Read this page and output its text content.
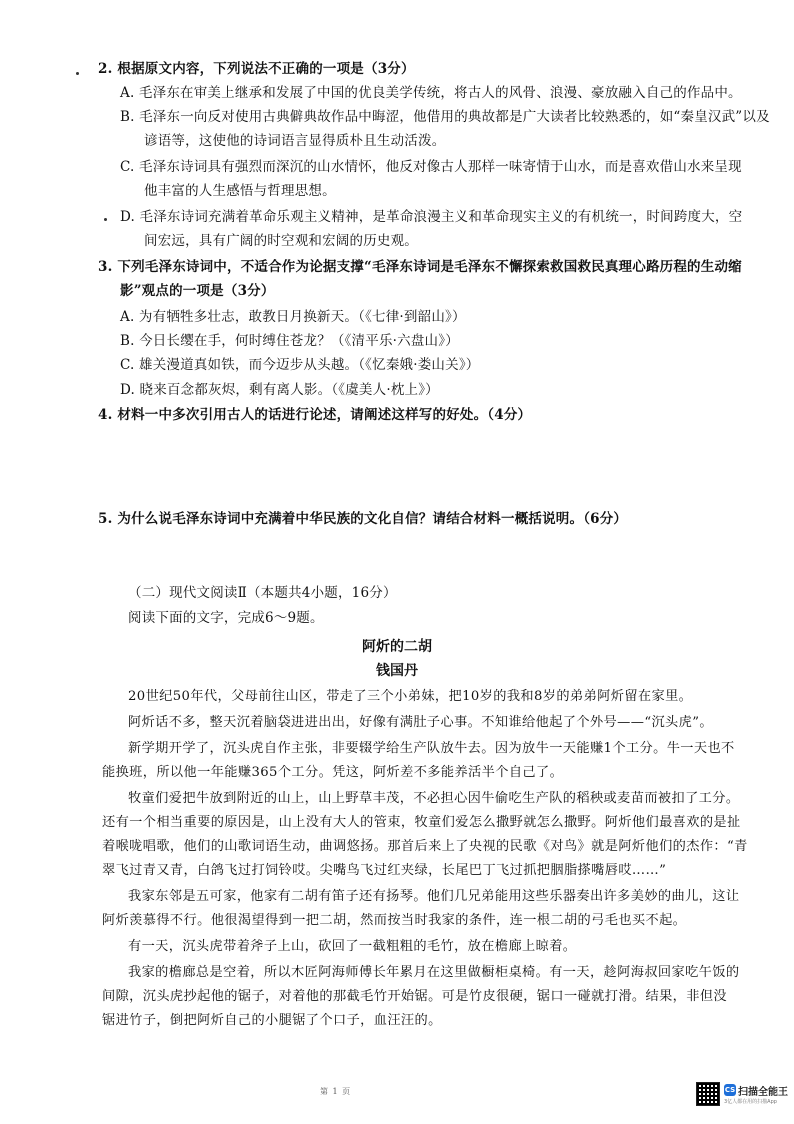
2. 根据原文内容，下列说法不正确的一项是（3分）
A. 毛泽东在审美上继承和发展了中国的优良美学传统，将古人的风骨、浪漫、豪放融入自己的作品中。
B. 毛泽东一向反对使用古典僻典故作品中晦涩，他借用的典故都是广大读者比较熟悉的，如“秦皇汉武”以及
谚语等，这使他的诗词语言显得质朴且生动活泼。
C. 毛泽东诗词具有强烈而深沉的山水情怀，他反对像古人那样一味寄情于山水，而是喜欢借山水来呈现
他丰富的人生感悟与哲理思想。
D. 毛泽东诗词充满着革命乐观主义精神，是革命浪漫主义和革命现实主义的有机统一，时间跨度大，空
间宏远，具有广阔的时空观和宏阔的历史观。
3. 下列毛泽东诗词中，不适合作为论据支撑“毛泽东诗词是毛泽东不懈探索救国救民真理心路历程的生动缩
影”观点的一项是（3分）
A. 为有牺牲多壮志，敢教日月换新天。（《七律·到韶山》）
B. 今日长缨在手，何时缚住苍龙？（《清平乐·六盘山》）
C. 雄关漫道真如铁，而今迈步从头越。（《忆秦娥·娄山关》）
D. 晓来百念都灰烬，剩有离人影。（《虞美人·枕上》）
4. 材料一中多次引用古人的话进行论述，请阐述这样写的好处。（4分）
5. 为什么说毛泽东诗词中充满着中华民族的文化自信？请结合材料一概括说明。（6分）
（二）现代文阅读Ⅱ（本题共4小题，16分）
阅读下面的文字，完成6～9题。
阿炘的二胡
钱国丹
20世纪50年代，父母前往山区，带走了三个小弟妹，把10岁的我和8岁的弟弟阿炘留在家里。
阿炘话不多，整天沉着脑袋进进出出，好像有满肚子心事。不知谁给他起了个外号——“沉头虎”。
新学期开学了，沉头虎自作主张，非要辍学给生产队放牛去。因为放牛一天能赚1个工分。牛一天也不
能换班，所以他一年能赚365个工分。凭这，阿炘差不多能养活半个自己了。
牧童们爱把牛放到附近的山上，山上野草丰茂，不必担心因牛偷吃生产队的稻秧或麦苗而被扣了工分。
还有一个相当重要的原因是，山上没有大人的管束，牧童们爱怎么撒野就怎么撒野。阿炘他们最喜欢的是扯
着喉咙唱歌，他们的山歌词语生动，曲调悠扬。那首后来上了央视的民歌《对鸟》就是阿炘他们的杰作：“青
翠飞过青又青，白鸽飞过打饲铃哎。尖嘴鸟飞过红夹绿，长尾巴丁飞过抓把胭脂搽嘴唇哎……”
我家东邻是五可家，他家有二胡有笛子还有扬琴。他们几兄弟能用这些乐器奏出许多美妙的曲儿，这让
阿炘羡慕得不行。他很渴望得到一把二胡，然而按当时我家的条件，连一根二胡的弓毛也买不起。
有一天，沉头虎带着斧子上山，砍回了一截粗粗的毛竹，放在檐廊上晾着。
我家的檐廊总是空着，所以木匠阿海师傅长年累月在这里做橱柜桌椅。有一天，趁阿海叔回家吃午饭的
间隙，沉头虎抄起他的锯子，对着他的那截毛竹开始锯。可是竹皮很硬，锯口一碰就打滑。结果，非但没
锯进竹子，倒把阿炘自己的小腿锯了个口子，血汪汪的。
第 1 页	CS 扫描全能王
3亿人都在用的扫描App
